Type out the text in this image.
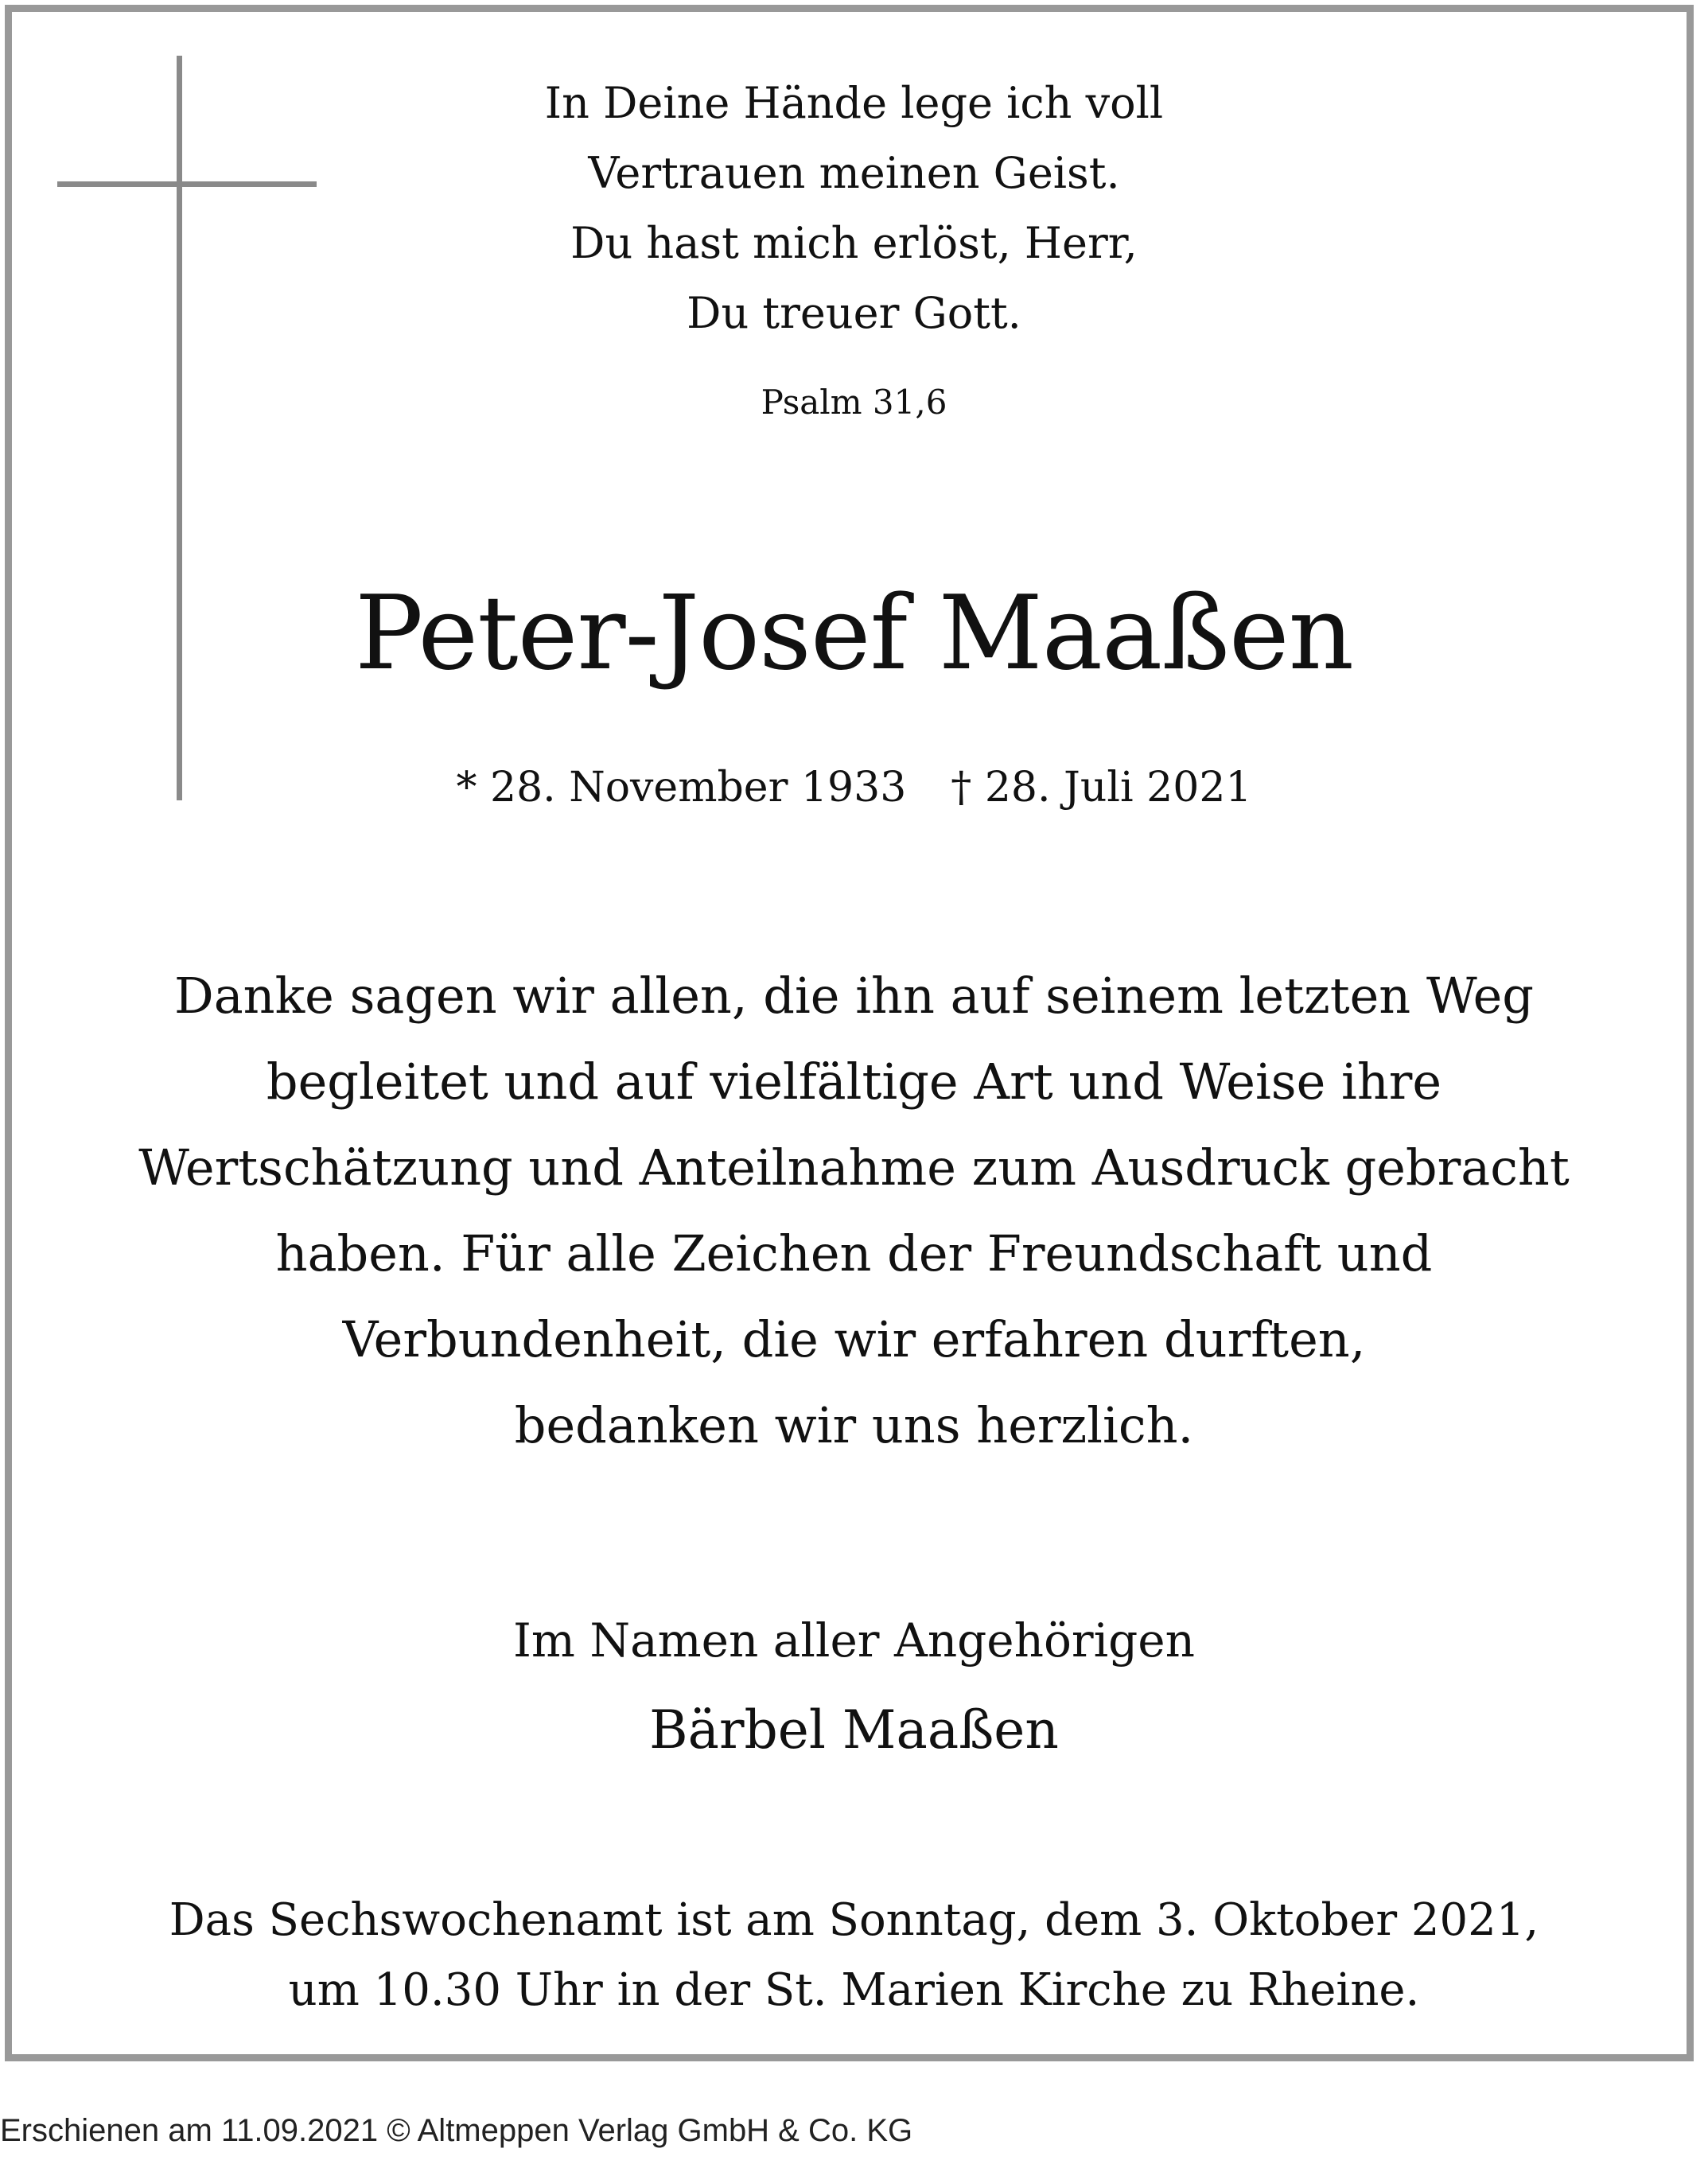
In Deine Hände lege ich voll
Vertrauen meinen Geist.
Du hast mich erlöst, Herr,
Du treuer Gott.
Psalm 31,6
Peter-Josef Maaßen
* 28. November 1933 † 28. Juli 2021
Danke sagen wir allen, die ihn auf seinem letzten Weg
begleitet und auf vielfältige Art und Weise ihre
Wertschätzung und Anteilnahme zum Ausdruck gebracht
haben. Für alle Zeichen der Freundschaft und
Verbundenheit, die wir erfahren durften,
bedanken wir uns herzlich.
Im Namen aller Angehörigen
Bärbel Maaßen
Das Sechswochenamt ist am Sonntag, dem 3. Oktober 2021,
um 10.30 Uhr in der St. Marien Kirche zu Rheine.
Erschienen am 11.09.2021 © Altmeppen Verlag GmbH & Co. KG
